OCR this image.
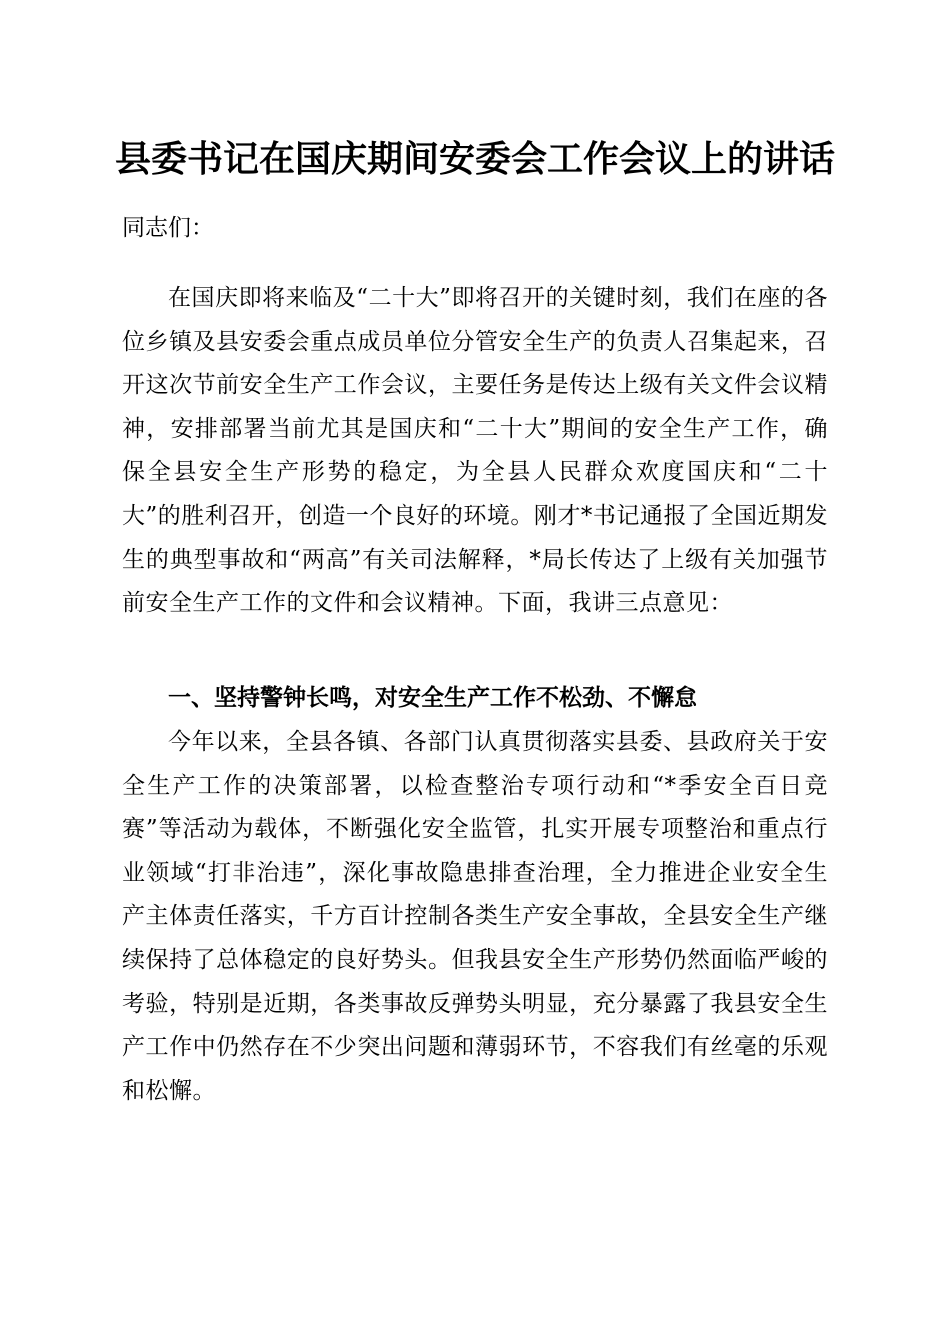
县委书记在国庆期间安委会工作会议上的讲话

同志们：

在国庆即将来临及“二十大”即将召开的关键时刻，我们在座的各位乡镇及县安委会重点成员单位分管安全生产的负责人召集起来，召开这次节前安全生产工作会议，主要任务是传达上级有关文件会议精神，安排部署当前尤其是国庆和“二十大”期间的安全生产工作，确保全县安全生产形势的稳定，为全县人民群众欢度国庆和“二十大”的胜利召开，创造一个良好的环境。刚才*书记通报了全国近期发生的典型事故和“两高”有关司法解释，*局长传达了上级有关加强节前安全生产工作的文件和会议精神。下面，我讲三点意见：

一、坚持警钟长鸣，对安全生产工作不松劲、不懈怠

今年以来，全县各镇、各部门认真贯彻落实县委、县政府关于安全生产工作的决策部署，以检查整治专项行动和“*季安全百日竞赛”等活动为载体，不断强化安全监管，扎实开展专项整治和重点行业领域“打非治违”，深化事故隐患排查治理，全力推进企业安全生产主体责任落实，千方百计控制各类生产安全事故，全县安全生产继续保持了总体稳定的良好势头。但我县安全生产形势仍然面临严峻的考验，特别是近期，各类事故反弹势头明显，充分暴露了我县安全生产工作中仍然存在不少突出问题和薄弱环节，不容我们有丝毫的乐观和松懈。
